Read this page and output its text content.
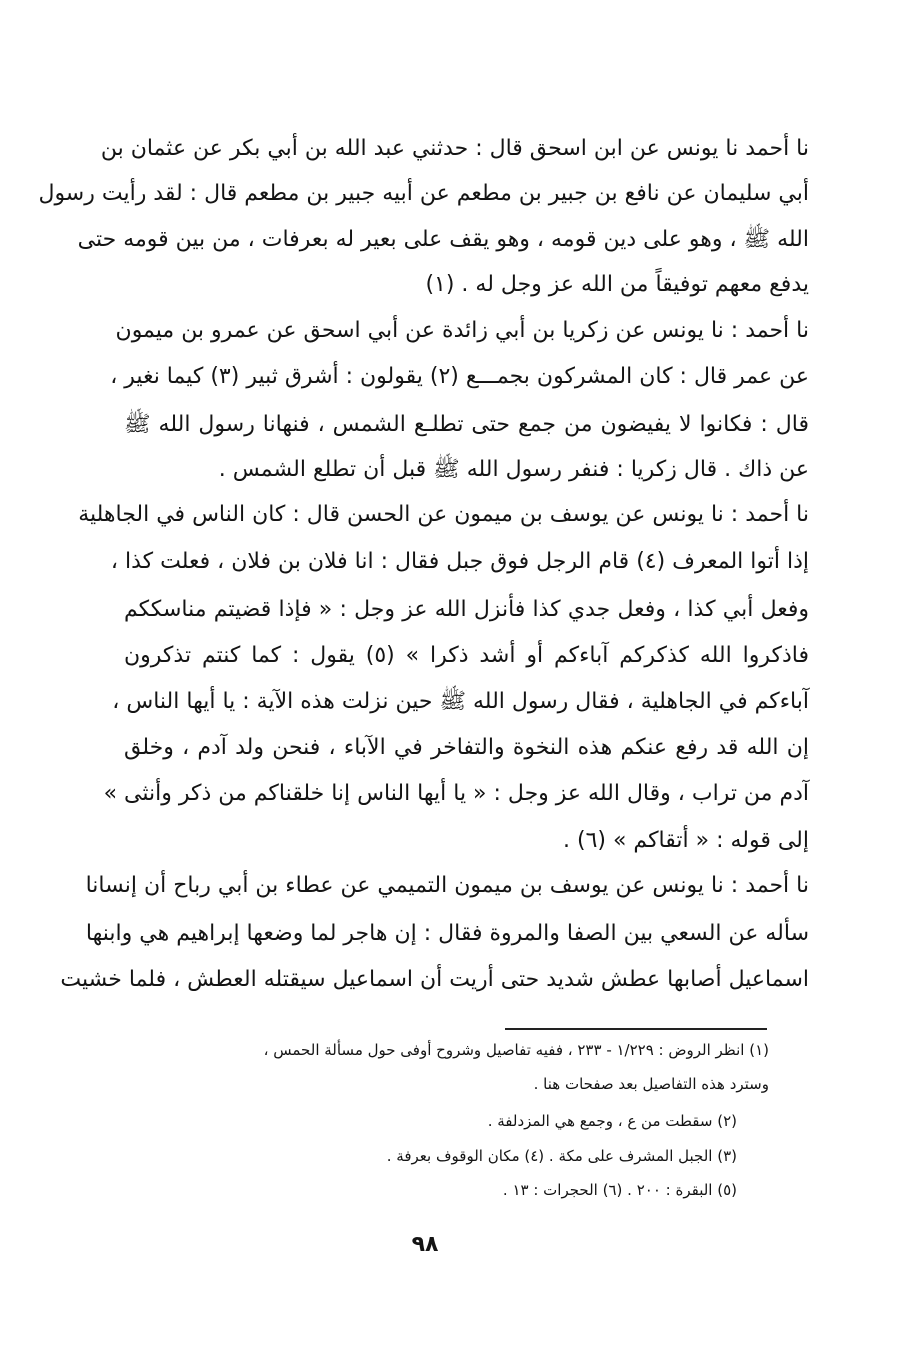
نا أحمد نا يونس عن ابن اسحق قال : حدثني عبد الله بن أبي بكر عن عثمان بن
أبي سليمان عن نافع بن جبير بن مطعم عن أبيه جبير بن مطعم قال : لقد رأيت رسول
الله ﷺ ، وهو على دين قومه ، وهو يقف على بعير له بعرفات ، من بين قومه حتى
يدفع معهم توفيقاً من الله عز وجل له . (١)
نا أحمد : نا يونس عن زكريا بن أبي زائدة عن أبي اسحق عن عمرو بن ميمون
عن عمر قال : كان المشركون بجمـــع (٢) يقولون : أشرق ثبير (٣) كيما نغير ،
قال : فكانوا لا يفيضون من جمع حتى تطلـع الشمس ، فنهانا رسول الله ﷺ
عن ذاك . قال زكريا : فنفر رسول الله ﷺ قبل أن تطلع الشمس .
نا أحمد : نا يونس عن يوسف بن ميمون عن الحسن قال : كان الناس في الجاهلية
إذا أتوا المعرف (٤) قام الرجل فوق جبل فقال : انا فلان بن فلان ، فعلت كذا ،
وفعل أبي كذا ، وفعل جدي كذا فأنزل الله عز وجل : « فإذا قضيتم مناسككم
فاذكروا الله كذكركم آباءكم أو أشد ذكرا » (٥) يقول : كما كنتم تذكرون
آباءكم في الجاهلية ، فقال رسول الله ﷺ حين نزلت هذه الآية : يا أيها الناس ،
إن الله قد رفع عنكم هذه النخوة والتفاخر في الآباء ، فنحن ولد آدم ، وخلق
آدم من تراب ، وقال الله عز وجل : « يا أيها الناس إنا خلقناكم من ذكر وأنثى »
إلى قوله : « أتقاكم » (٦) .
نا أحمد : نا يونس عن يوسف بن ميمون التميمي عن عطاء بن أبي رباح أن إنسانا
سأله عن السعي بين الصفا والمروة فقال : إن هاجر لما وضعها إبراهيم هي وابنها
اسماعيل أصابها عطش شديد حتى أريت أن اسماعيل سيقتله العطش ، فلما خشيت
(١) انظر الروض : ١/٢٢٩ - ٢٣٣ ، ففيه تفاصيل وشروح أوفى حول مسألة الحمس ،
وسترد هذه التفاصيل بعد صفحات هنا .
(٢) سقطت من ع ، وجمع هي المزدلفة .
(٣) الجبل المشرف على مكة . (٤) مكان الوقوف بعرفة .
(٥) البقرة : ٢٠٠ . (٦) الحجرات : ١٣ .
٩٨
